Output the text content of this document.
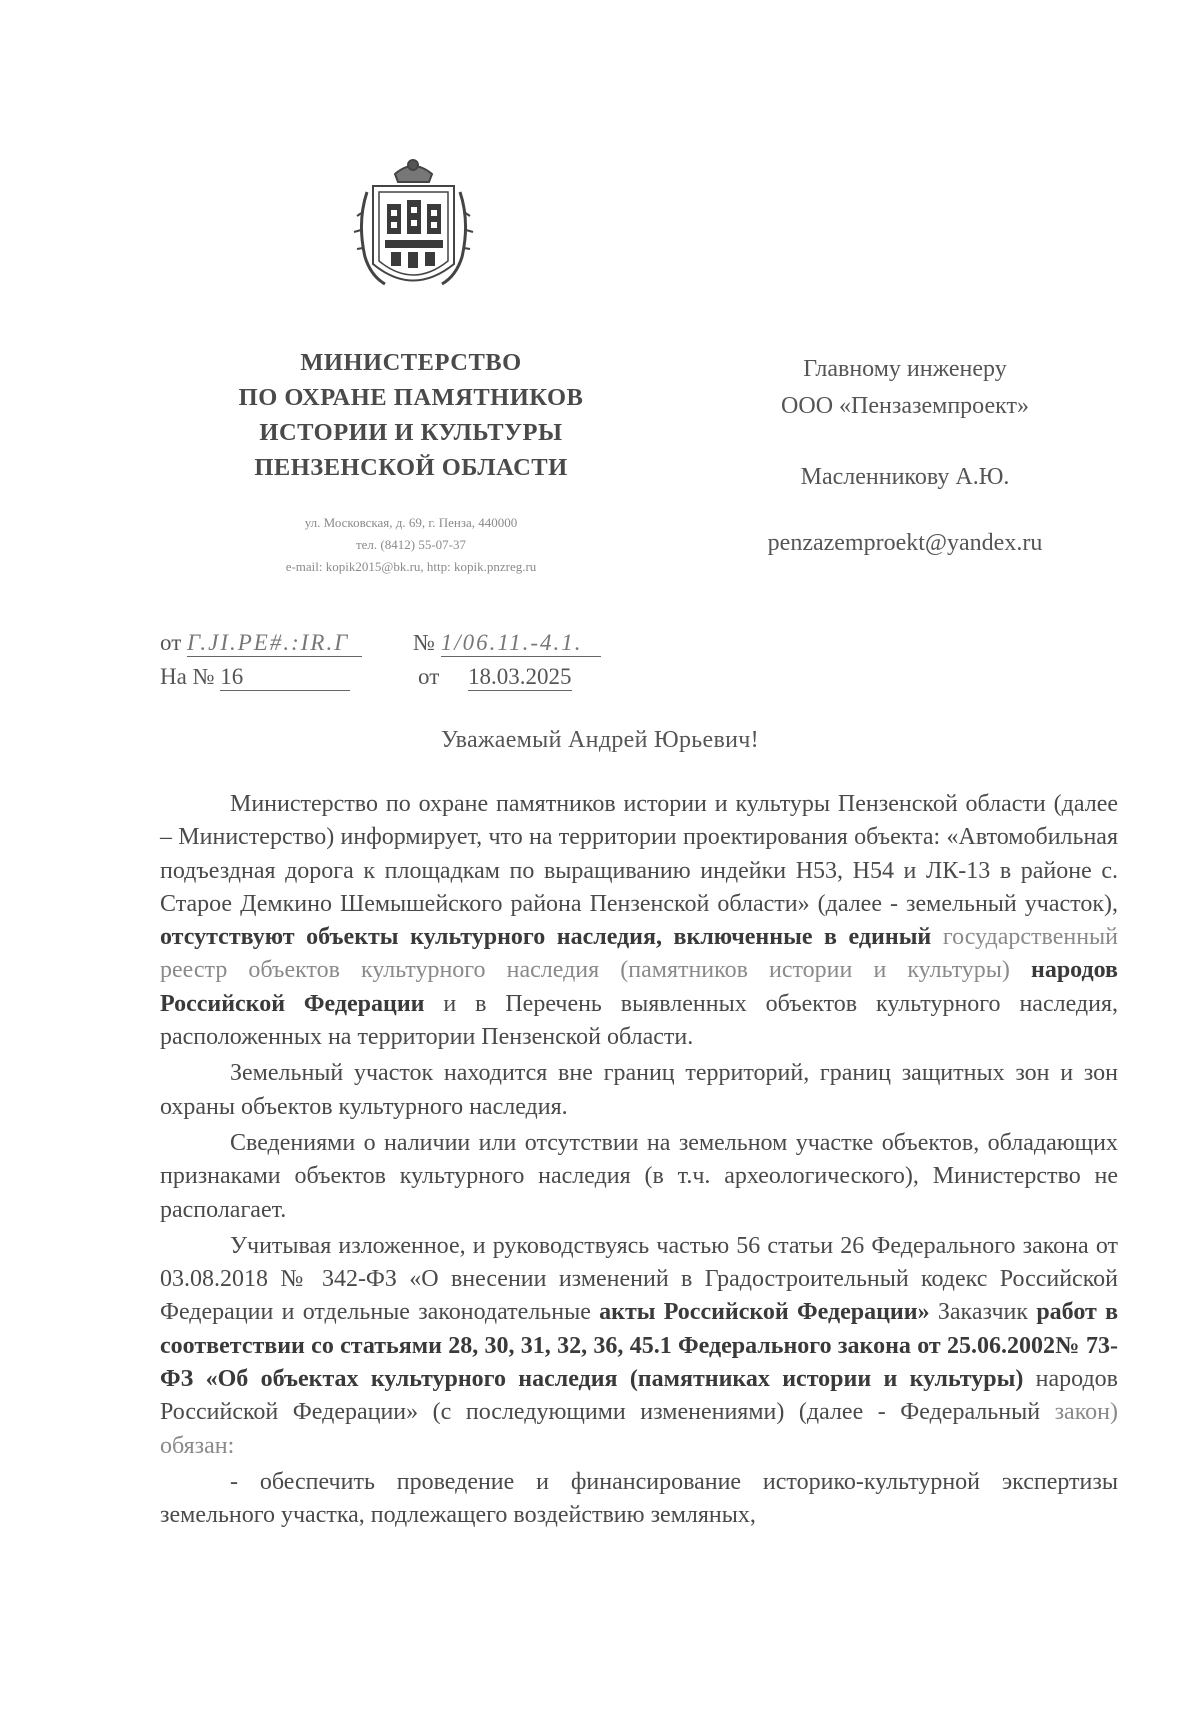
МИНИСТЕРСТВО
ПО ОХРАНЕ ПАМЯТНИКОВ
ИСТОРИИ И КУЛЬТУРЫ
ПЕНЗЕНСКОЙ ОБЛАСТИ
ул. Московская, д. 69, г. Пенза, 440000
тел. (8412) 55-07-37
e-mail: kopik2015@bk.ru, http: kopik.pnzreg.ru
Главному инженеру
ООО «Пензаземпроект»
Масленникову А.Ю.
penzazemproekt@yandex.ru
от Г.JI.РЕ#.:IR.Г	№ 1/06.11.-4.1.
На № 16	от 18.03.2025
Уважаемый Андрей Юрьевич!

Министерство по охране памятников истории и культуры Пензенской области (далее – Министерство) информирует, что на территории проектирования объекта: «Автомобильная подъездная дорога к площадкам по выращиванию индейки Н53, Н54 и ЛК-13 в районе с. Старое Демкино Шемышейского района Пензенской области» (далее - земельный участок), отсутствуют объекты культурного наследия, включенные в единый государственный реестр объектов культурного наследия (памятников истории и культуры) народов Российской Федерации и в Перечень выявленных объектов культурного наследия, расположенных на территории Пензенской области.

Земельный участок находится вне границ территорий, границ защитных зон и зон охраны объектов культурного наследия.

Сведениями о наличии или отсутствии на земельном участке объектов, обладающих признаками объектов культурного наследия (в т.ч. археологического), Министерство не располагает.

Учитывая изложенное, и руководствуясь частью 56 статьи 26 Федерального закона от 03.08.2018 № 342-ФЗ «О внесении изменений в Градостроительный кодекс Российской Федерации и отдельные законодательные акты Российской Федерации» Заказчик работ в соответствии со статьями 28, 30, 31, 32, 36, 45.1 Федерального закона от 25.06.2002№ 73-ФЗ «Об объектах культурного наследия (памятниках истории и культуры) народов Российской Федерации» (с последующими изменениями) (далее - Федеральный закон) обязан:

- обеспечить проведение и финансирование историко-культурной экспертизы земельного участка, подлежащего воздействию земляных,
